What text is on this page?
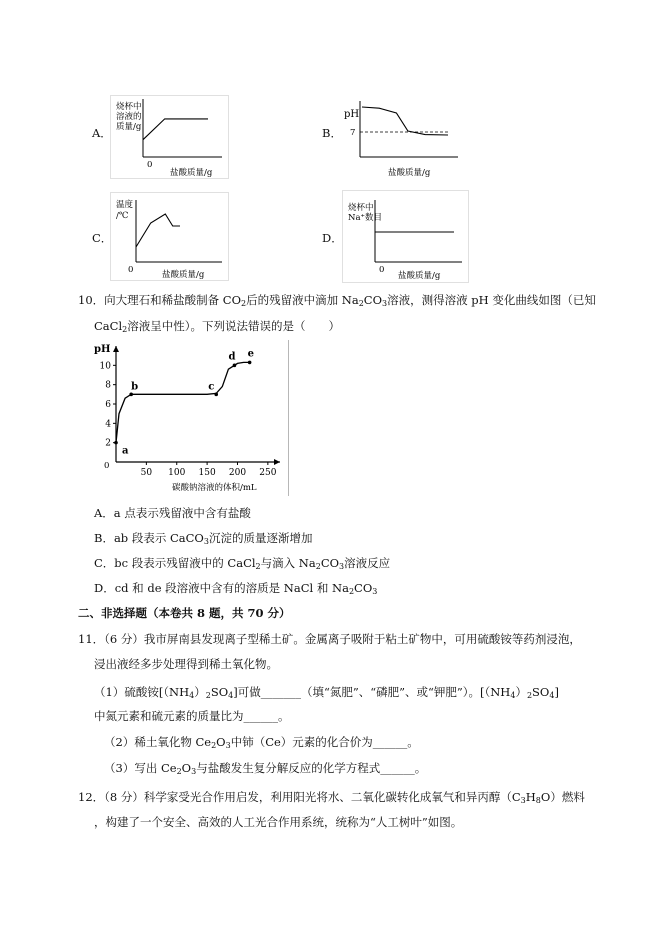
A．
烧杯中
溶液的
质量/g
0
盐酸质量/g
B．
pH
7
盐酸质量/g
C．
温度
/℃
0	盐酸质量/g
D．
烧杯中
Na⁺数目
0
盐酸质量/g
10．向大理石和稀盐酸制备 $CO_2$后的残留液中滴加 $Na_2CO_3$溶液，测得溶液 pH 变化曲线如图（已知
CaCl$_2$溶液呈中性）。下列说法错误的是（　　）
2
4
6
8
10
50 100 150 200 250
pH
0
碳酸钠溶液的体积/mL
a
b	c
d e
A．a 点表示残留液中含有盐酸
B．ab 段表示 CaCO$_3$沉淀的质量逐渐增加
C．bc 段表示残留液中的 CaCl$_2$与滴入 $Na_2CO_3$溶液反应
D．cd 和 de 段溶液中含有的溶质是 NaCl 和 $Na_2CO_3$
二、非选择题（本卷共 8 题，共 70 分）
11．（6 分）我市屏南县发现离子型稀土矿。金属离子吸附于粘土矿物中，可用硫酸铵等药剂浸泡，
浸出液经多步处理得到稀土氧化物。
（1）硫酸铵$[(NH_4)_2SO_4]$可做_______（填“氮肥”、“磷肥”、或“钾肥”）。$[(NH_4)_2SO_4]$
中氮元素和硫元素的质量比为______。
（2）稀土氧化物 $Ce_2O_3$中铈（Ce）元素的化合价为______。
（3）写出 $Ce_2O_3$与盐酸发生复分解反应的化学方程式______。
12．（8 分）科学家受光合作用启发，利用阳光将水、二氧化碳转化成氧气和异丙醇$(C_3H_8O)$燃料
，构建了一个安全、高效的人工光合作用系统，统称为“人工树叶”如图。
